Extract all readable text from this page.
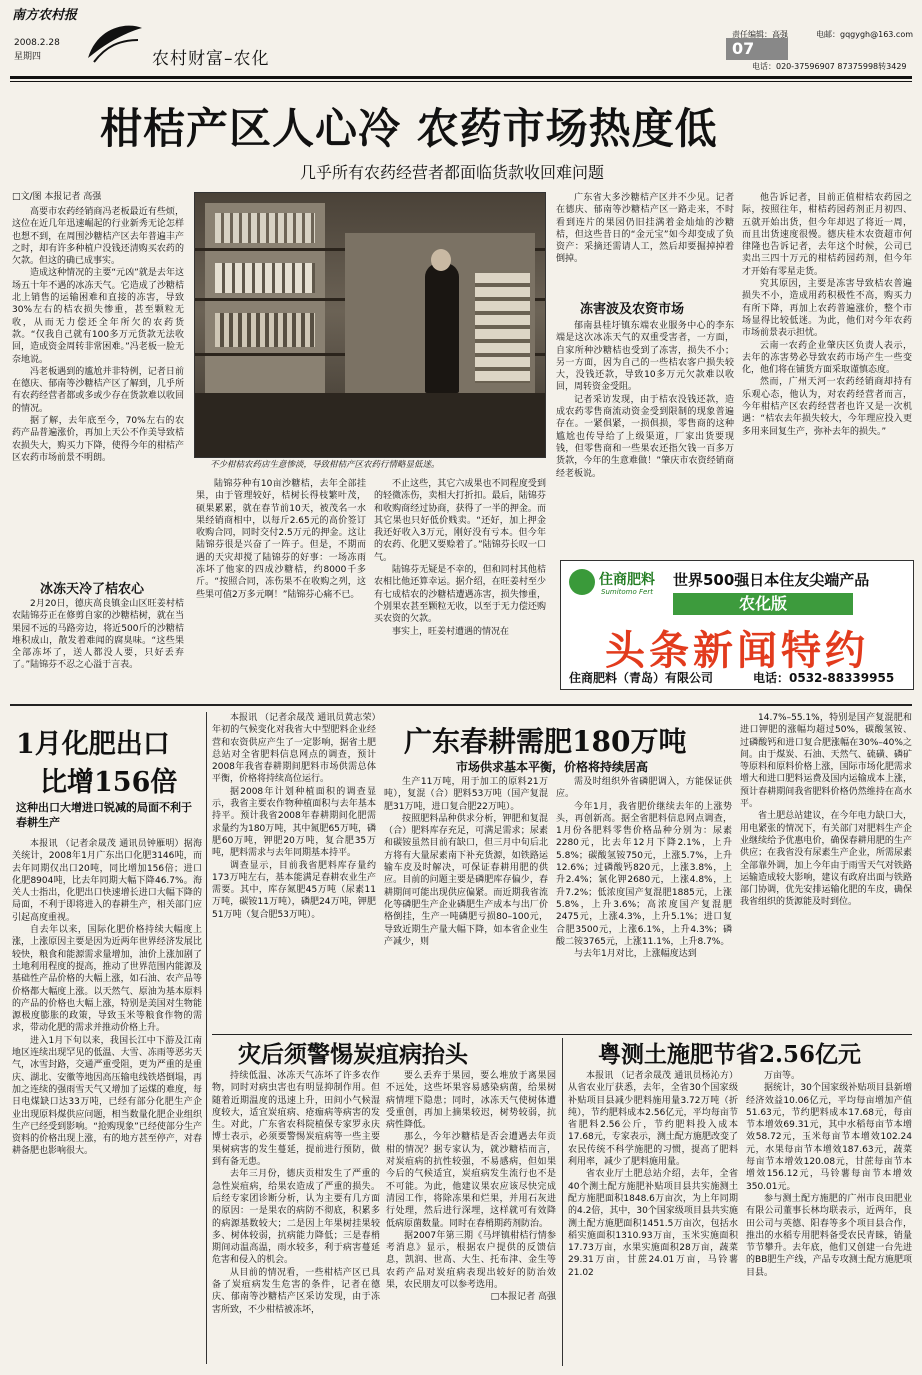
南方农村报
2008.2.28
星期四	农村财富–农化
07
责任编辑：高强	电邮：gqgygh@163.com
电话：020-37596907 87375998转3429
柑桔产区人心冷 农药市场热度低
几乎所有农药经营者都面临货款收回难问题
□文/图 本报记者 高强

高要市农药经销商冯老板最近有些烦，这位在近几年迅速崛起的行业新秀无论怎样也想不到，在周围沙糖桔产区去年普遍丰产之时，却有许多种植户没钱还清购买农药的欠款。但这的确已成事实。

造成这种情况的主要“元凶”就是去年这场五十年不遇的冰冻天气。它造成了沙糖桔北上销售的运输困难和直接的冻害，导致30%左右的桔农损失惨重，甚至颗粒无收，从而无力偿还全年所欠的农药货款。“仅我自己就有100多万元货款无法收回，造成资金周转非常困难。”冯老板一脸无奈地说。

冯老板遇到的尴尬并非特例，记者日前在德庆、郁南等沙糖桔产区了解到，几乎所有农药经营者都或多或少存在货款难以收回的情况。

据了解，去年底至今，70%左右的农药产品普遍涨价，再加上天公不作美导致桔农损失大，购买力下降，使得今年的柑桔产区农药市场前景不明朗。

冰冻天冷了桔农心

2月20日，德庆高良镇金山区旺姜村桔农陆锦芬正在修剪自家的沙糖桔树，就在当果园不远的马路旁边，将近500斤的沙糖桔堆积成山，散发着难闻的腐臭味。“这些果全部冻坏了，送人都没人要，只好丢弃了。”陆锦芬不忍之心溢于言表。

不少柑桔农药店生意惨淡，导致柑桔产区农药行情略显低迷。

陆锦芬种有10亩沙糖桔，去年全部挂果，由于管理较好，桔树长得枝繁叶茂，硕果累累，就在春节前10天，被茂名一水果经销商相中，以每斤2.65元的高价签订收购合同，同时交付2.5万元的押金。这让陆锦芬很是兴奋了一阵子。但是，不期而遇的天灾却搅了陆锦芬的好事：一场冻雨冻坏了他家的四成沙糖桔，约8000千多斤。“按照合同，冻伤果不在收购之列，这些果可值2万多元啊！”陆锦芬心痛不已。

不止这些，其它六成果也不同程度受到的轻微冻伤，卖相大打折扣。最后，陆锦芬和收购商经过协商，获得了一半的押金。而其它果也只好低价贱卖。“还好，加上押金我还好收入3万元，刚好没有亏本。但今年的农药、化肥又要赊着了。”陆锦芬长叹一口气。

陆锦芬无疑是不幸的，但和同村其他桔农相比他还算幸运。据介绍，在旺姜村至少有七成桔农的沙糖桔遭遇冻害，损失惨重，个别果农甚至颗粒无收，以至于无力偿还购买农资的欠款。

事实上，旺姜村遭遇的情况在

广东省大多沙糖桔产区并不少见。记者在德庆、郁南等沙糖桔产区一路走来，不时看到连片的果园仍旧挂满着金灿灿的沙糖桔，但这些昔日的“金元宝”如今却变成了负资产：采摘还需请人工，然后却要掘掉掉着倒掉。

冻害波及农资市场

郁南县桂圩镇东端农业服务中心的李东端是这次冰冻天气的双重受害者，一方面，自家所种沙糖桔也受到了冻害，损失不小；另一方面，因为自己的一些桔农客户损失较大，没钱还款，导致10多万元欠款难以收回，周转资金受阻。

记者采访发现，由于桔农没钱还款，造成农药零售商流动资金受到限制的现象普遍存在。一紧俱紧，一损俱损，零售商的这种尴尬也传导给了上级渠道，厂家出货要现钱，但零售商和一些果农还指欠钱一百多万货款，今年的生意难做！”肇庆市农资经销商经老板说。

他告诉记者，目前正值柑桔农药园之际，按照往年，柑桔药园药剂正月初四、五就开始出货，但今年却迟了将近一周，而且出货速度很慢。德庆桂木农资超市何律隆也告诉记者，去年这个时候，公司已卖出三四十万元的柑桔药园药剂，但今年才开始有零星走货。

究其原因，主要是冻害导致桔农普遍损失不小，造成用药积极性不高，购买力有所下降，再加上农药普遍涨价，整个市场显得比较低迷。为此，他们对今年农药市场前景表示担忧。

云南一农药企业肇庆区负责人表示，去年的冻害势必导致农药市场产生一些变化，他们将在铺货方面采取谨慎态度。

然而，广州天河一农药经销商却持有乐观心态，他认为，对农药经营者而言，今年柑桔产区农药经营者也许又是一次机遇：“桔农去年损失较大，今年理应投入更多用来回复生产，弥补去年的损失。”

住商肥料
Sumitomo Fert
世界500强日本住友尖端产品
农化版
头条新闻特约
住商肥料（青岛）有限公司	电话：0532-88339955
1月化肥出口
比增156倍
这种出口大增进口锐减的局面不利于春耕生产

本报讯 （记者余晟茂 通讯员钟雁明）据海关统计，2008年1月广东出口化肥3146吨，而去年同期仅出口20吨，同比增加156倍；进口化肥8904吨，比去年同期大幅下降46.7%。海关人士指出，化肥出口快速增长进口大幅下降的局面，不利于即将进入的春耕生产，相关部门应引起高度重视。

自去年以来，国际化肥价格持续大幅度上涨，上涨原因主要是因为近两年世界经济发展比较快，粮食和能源需求量增加，油价上涨加剧了土地利用程度的提高，推动了世界范围内能源及基础性产品价格的大幅上涨，如石油、农产品等价格都大幅度上涨。以天然气、原油为基本原料的产品的价格也大幅上涨，特别是美国对生物能源极度膨胀的政策，导致玉米等粮食作物的需求，带动化肥的需求并推动价格上升。

进入1月下旬以来，我国长江中下游及江南地区连续出现罕见的低温、大雪、冻雨等恶劣天气，冰雪封路，交通严重受阻，更为严重的是重庆、湖北、安徽等地因高压输电线铁塔倒塌，再加之连续的强雨雪天气又增加了运煤的难度，每日电煤缺口达33万吨，已经有部分化肥生产企业出现原料煤供应问题，相当数量化肥企业组织生产已经受到影响。“抢购现象”已经使部分生产资料的价格出现上涨，有的地方甚至停产，对春耕备肥也影响很大。

本报讯 （记者余晟茂 通讯员黄志荣）年初的气候变化对我省大中型肥料企业经营和农资供应产生了一定影响，据省土肥总站对全省肥料信息网点的调查，预计2008年我省春耕期间肥料市场供需总体平衡，价格将持续高位运行。

据2008年计划种植面积的调查显示，我省主要农作物种植面积与去年基本持平。预计我省2008年春耕期间化肥需求量约为180万吨，其中氮肥65万吨，磷肥60万吨，钾肥20万吨，复合肥35万吨，肥料需求与去年同期基本持平。

调查显示，目前我省肥料库存量约173万吨左右，基本能满足春耕农业生产需要。其中，库存氮肥45万吨（尿素11万吨，碳铵11万吨），磷肥24万吨，钾肥51万吨（复合肥53万吨）。

广东春耕需肥180万吨
市场供求基本平衡，价格将持续居高

生产11万吨，用于加工的原料21万吨），复混（合）肥料53万吨（国产复混肥31万吨，进口复合肥22万吨）。

按照肥料品种供求分析，钾肥和复混（合）肥料库存充足，可满足需求；尿素和碳铵虽然目前有缺口，但三月中旬后北方将有大量尿素南下补充货源，如铁路运输车皮及时解决，可保证春耕用肥的供应。目前的问题主要是磷肥库存偏少，春耕期间可能出现供应偏紧。而近期我省流化等磷肥生产企业磷肥生产成本与出厂价格倒挂，生产一吨磷肥亏损80–100元，导致近期生产量大幅下降，如本省企业生产减少，则

需及时组织外省磷肥调入，方能保证供应。

今年1月，我省肥价继续去年的上涨势头，再创新高。据全省肥料信息网点调查，1月份各肥料零售价格品种分别为：尿素2280元，比去年12月下降2.1%，上升5.8%；碳酸氢铵750元，上涨5.7%，上升12.6%；过磷酸钙820元，上涨3.8%，上升2.4%；氯化钾2680元，上涨4.8%，上升7.2%；低浓度国产复混肥1885元，上涨5.8%，上升3.6%；高浓度国产复混肥2475元，上涨4.3%，上升5.1%；进口复合肥3500元，上涨6.1%，上升4.3%；磷酸二铵3765元，上涨11.1%，上升8.7%。

与去年1月对比，上涨幅度达到

14.7%–55.1%，特别是国产复混肥和进口钾肥的涨幅均超过50%，碳酸氢铵、过磷酸钙和进口复合肥涨幅在30%–40%之间。由于煤炭、石油、天然气、硫磺、磷矿等原料和原料价格上涨，国际市场化肥需求增大和进口肥料运费及国内运输成本上涨，预计春耕期间我省肥料价格仍然维持在高水平。

省土肥总站建议，在今年电力缺口大，用电紧张的情况下，有关部门对肥料生产企业继续给予优惠电价，确保春耕用肥的生产供应；在我省没有尿素生产企业，所需尿素全部靠外调，加上今年由于雨雪天气对铁路运输造成较大影响，建议有政府出面与铁路部门协调，优先安排运输化肥的车皮，确保我省组织的货源能及时到位。

灾后须警惕炭疽病抬头

持续低温、冰冻天气冻坏了许多农作物，同时对病虫害也有明显抑制作用。但随着近期温度的迅速上升，田间小气候湿度较大，适宜炭疽病、疮痂病等病害的发生。对此，广东省农科院植保专家罗永庆博士表示，必须要警惕炭疽病等一些主要果树病害的发生蔓延，提前进行预防，做到有备无患。

去年三月份，德庆贡柑发生了严重的急性炭疽病，给果农造成了严重的损失。后经专家团诊断分析，认为主要有几方面的原因：一是果农的病防不彻底，积累多的病源基数较大；二是因上年果树挂果较多、树体较弱，抗病能力降低；三是春梢期间动温高温，雨水较多，利于病害蔓延危害和侵入的机会。

从目前的情况看，一些柑桔产区已具备了炭疽病发生危害的条件，记者在德庆、郁南等沙糖桔产区采访发现，由于冻害所致，不少柑桔被冻坏，

要么丢弃于果园，要么堆放于离果园不远处，这些坏果容易感染病菌，给果树病情埋下隐患；同时，冰冻天气使树体遭受重创，再加上摘果较迟，树势较弱，抗病性降低。

那么，今年沙糖桔是否会遭遇去年贡柑的情况？据专家认为，就沙糖桔而言，对炭疽病的抗性较强，不易感病，但如果今后的气候适宜，炭疽病发生流行也不是不可能。为此，他建议果农应该尽快完成清园工作，将除冻果和烂果，并用石灰进行处理，然后进行深埋，这样就可有效降低病原菌数量。同时在春梢期药剂防治。

据2007年第三期《马坪镇柑桔行情参考消息》显示，根据农户提供的反馈信息，凯润、世高、大生、托布津、金生等农药产品对炭疽病表现出较好的防治效果，农民朋友可以参考选用。

□本报记者 高强

粤测土施肥节省2.56亿元

本报讯 （记者余晟茂 通讯员杨沁方）从省农业厅获悉，去年，全省30个国家级补贴项目县减少肥料施用量3.72万吨（折纯），节约肥料成本2.56亿元，平均每亩节省肥料2.56公斤，节约肥料投入成本17.68元，专家表示，测土配方施肥改变了农民传统不科学施肥的习惯，提高了肥料利用率，减少了肥料施用量。

省农业厅土肥总站介绍，去年，全省40个测土配方施肥补贴项目县共实施测土配方施肥面积1848.6万亩次，为上年同期的4.2倍，其中，30个国家级项目县共实施测土配方施肥面积1451.5万亩次，包括水稻实施面积1310.93万亩，玉米实施面积17.73万亩，水果实施面积28万亩，蔬菜29.31万亩，甘蔗24.01万亩，马铃薯21.02

万亩等。

据统计，30个国家级补贴项目县新增经济效益10.06亿元，平均每亩增加产值51.63元，节约肥料成本17.68元，每亩节本增效69.31元，其中水稻每亩节本增效58.72元，玉米每亩节本增效102.24元，水果每亩节本增效187.63元，蔬菜每亩节本增效120.08元，甘蔗每亩节本增效156.12元，马铃薯每亩节本增效350.01元。

参与测土配方施肥的广州市良田肥业有限公司董事长林均联表示，近两年，良田公司与英德、阳春等多个项目县合作，推出的水稻专用肥料备受农民青睐，销量节节攀升。去年底，他们又创建一台先进的BB肥生产线，产品专攻测土配方施肥项目县。
